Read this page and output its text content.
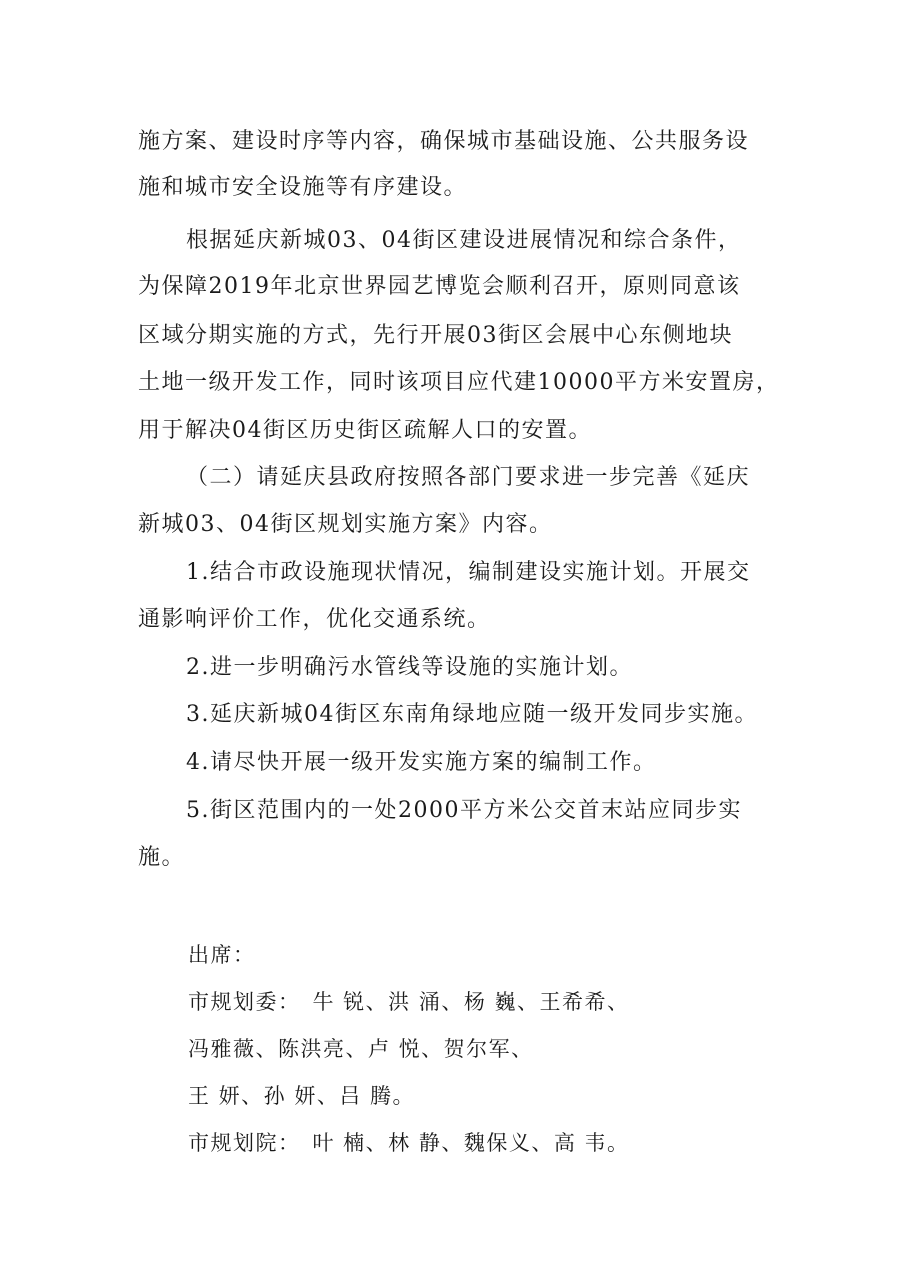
施方案、建设时序等内容，确保城市基础设施、公共服务设
施和城市安全设施等有序建设。
根据延庆新城03、04街区建设进展情况和综合条件，
为保障2019年北京世界园艺博览会顺利召开，原则同意该
区域分期实施的方式，先行开展03街区会展中心东侧地块
土地一级开发工作，同时该项目应代建10000平方米安置房，
用于解决04街区历史街区疏解人口的安置。
（二）请延庆县政府按照各部门要求进一步完善《延庆
新城03、04街区规划实施方案》内容。
1.结合市政设施现状情况，编制建设实施计划。开展交
通影响评价工作，优化交通系统。
2.进一步明确污水管线等设施的实施计划。
3.延庆新城04街区东南角绿地应随一级开发同步实施。
4.请尽快开展一级开发实施方案的编制工作。
5.街区范围内的一处2000平方米公交首末站应同步实
施。
出席：
市规划委： 牛 锐、洪 涌、杨 巍、王希希、
冯雅薇、陈洪亮、卢 悦、贺尔军、
王 妍、孙 妍、吕 腾。
市规划院： 叶 楠、林 静、魏保义、高 韦。
